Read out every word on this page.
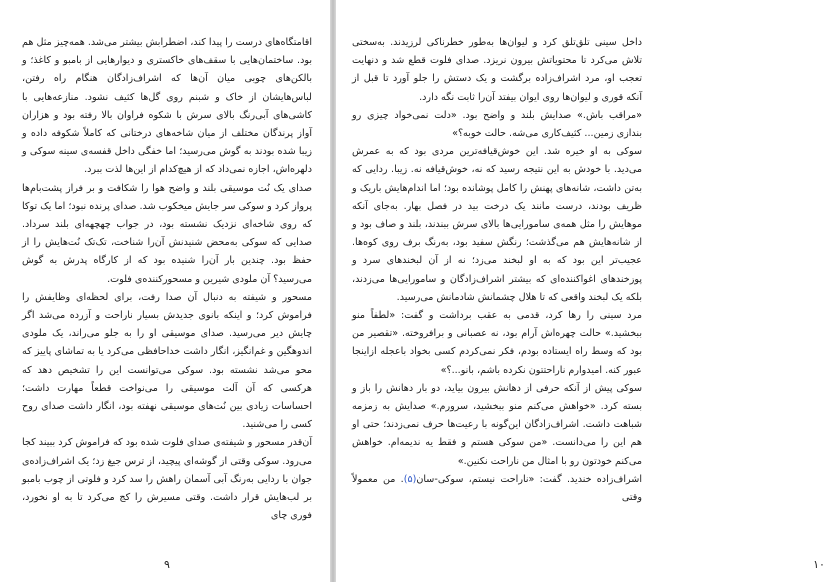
اقامتگاه‌های درست را پیدا کند، اضطرابش بیشتر می‌شد. همه‌چیز مثل هم بود. ساختمان‌هایی با سقف‌های خاکستری و دیوارهایی از بامبو و کاغذ؛ و بالکن‌های چوبی میان آن‌ها که اشراف‌زادگان هنگام راه رفتن، لباس‌هایشان از خاک و شبنم روی گل‌ها کثیف نشود. منازعه‌هایی با کاشی‌های آبی‌رنگ بالای سرش با شکوه فراوان بالا رفته بود و هزاران آواز پرندگان مختلف از میان شاخه‌های درختانی که کاملاً شکوفه داده و زیبا شده بودند به گوش می‌رسید؛ اما خفگی داخل قفسه‌ی سینه سوکی و دلهره‌اش، اجازه نمی‌داد که از هیچ‌کدام از این‌ها لذت ببرد.

صدای یک نُت موسیقی بلند و واضح هوا را شکافت و بر فراز پشت‌بام‌ها پرواز کرد و سوکی سر جایش میخکوب شد. صدای پرنده نبود؛ اما یک توکا که روی شاخه‌ای نزدیک نشسته بود، در جواب چهچهه‌ای بلند سرداد. صدایی که سوکی به‌محض شنیدنش آن‌را شناخت، تک‌تک نُت‌هایش را از حفظ بود. چندین بار آن‌را شنیده بود که از کارگاه پدرش به گوش می‌رسید؟ آن ملودی شیرین و مسحورکننده‌ی فلوت.

مسحور و شیفته به دنبال آن صدا رفت، برای لحظه‌ای وظایفش را فراموش کرد؛ و اینکه بانوی جدیدش بسیار ناراحت و آزرده می‌شد اگر چایش دیر می‌رسید. صدای موسیقی او را به جلو می‌راند، یک ملودی اندوهگین و غم‌انگیز، انگار داشت خداحافظی می‌کرد یا به تماشای پاییز که محو می‌شد نشسته بود. سوکی می‌توانست این را تشخیص دهد که هرکسی که آن آلت موسیقی را می‌نواخت قطعاً مهارت داشت؛ احساسات زیادی بین نُت‌های موسیقی نهفته بود، انگار داشت صدای روح کسی را می‌شنید.

آن‌قدر مسحور و شیفته‌ی صدای فلوت شده بود که فراموش کرد ببیند کجا می‌رود. سوکی وقتی از گوشه‌ای پیچید، از ترس جیغ زد؛ یک اشراف‌زاده‌ی جوان با ردایی به‌رنگ آبی آسمان راهش را سد کرد و فلوتی از چوب بامبو بر لب‌هایش قرار داشت. وقتی مسیرش را کج می‌کرد تا به او نخورد، فوری چای

۹

داخل سینی تلق‌تلق کرد و لیوان‌ها به‌طور خطرناکی لرزیدند. به‌سختی تلاش می‌کرد تا محتویاتش بیرون نریزد. صدای فلوت قطع شد و دنهایت تعجب او، مرد اشراف‌زاده برگشت و یک دستش را جلو آورد تا قبل از آنکه قوری و لیوان‌ها روی ایوان بیفتد آن‌را ثابت نگه دارد.

«مراقب باش.» صدایش بلند و واضح بود. «دلت نمی‌خواد چیزی رو بندازی زمین... کثیف‌کاری می‌شه. حالت خوبه؟»

سوکی به او خیره شد. این خوش‌قیافه‌ترین مردی بود که به عمرش می‌دید. با خودش به این نتیجه رسید که نه، خوش‌قیافه نه. زیبا. ردایی که به‌تن داشت، شانه‌های پهنش را کامل پوشانده بود؛ اما اندام‌هایش باریک و ظریف بودند، درست مانند یک درخت بید در فصل بهار. به‌جای آنکه موهایش را مثل همه‌ی سامورایی‌ها بالای سرش ببندند، بلند و صاف بود و از شانه‌هایش هم می‌گذشت؛ رنگش سفید بود، به‌رنگ برف روی کوه‌ها. عجیب‌تر این بود که به او لبخند می‌زد؛ نه از آن لبخندهای سرد و پوزخندهای اغواکننده‌ای که بیشتر اشراف‌زادگان و سامورایی‌ها می‌زدند، بلکه یک لبخند واقعی که تا هلال چشمانش شادمانش می‌رسید.

مرد سینی را رها کرد، قدمی به عقب برداشت و گفت: «لطفاً منو ببخشید.» حالت چهره‌اش آرام بود، نه عصبانی و برافروخته. «تقصیر من بود که وسط راه ایستاده بودم، فکر نمی‌کردم کسی بخواد باعجله ازاینجا عبور کنه. امیدوارم ناراحتتون نکرده باشم، بانو...؟»

سوکی پیش از آنکه حرفی از دهانش بیرون بیاید، دو بار دهانش را باز و بسته کرد. «خواهش می‌کنم منو ببخشید، سرورم.» صدایش به زمزمه شباهت داشت. اشراف‌زادگان این‌گونه با رعیت‌ها حرف نمی‌زدند؛ حتی او هم این را می‌دانست. «من سوکی هستم و فقط یه ندیمه‌ام. خواهش می‌کنم خودتون رو با امثال من ناراحت نکنین.»

اشراف‌زاده خندید. گفت: «ناراحت نیستم، سوکی-سان(۵). من معمولاً وقتی

۱۰
